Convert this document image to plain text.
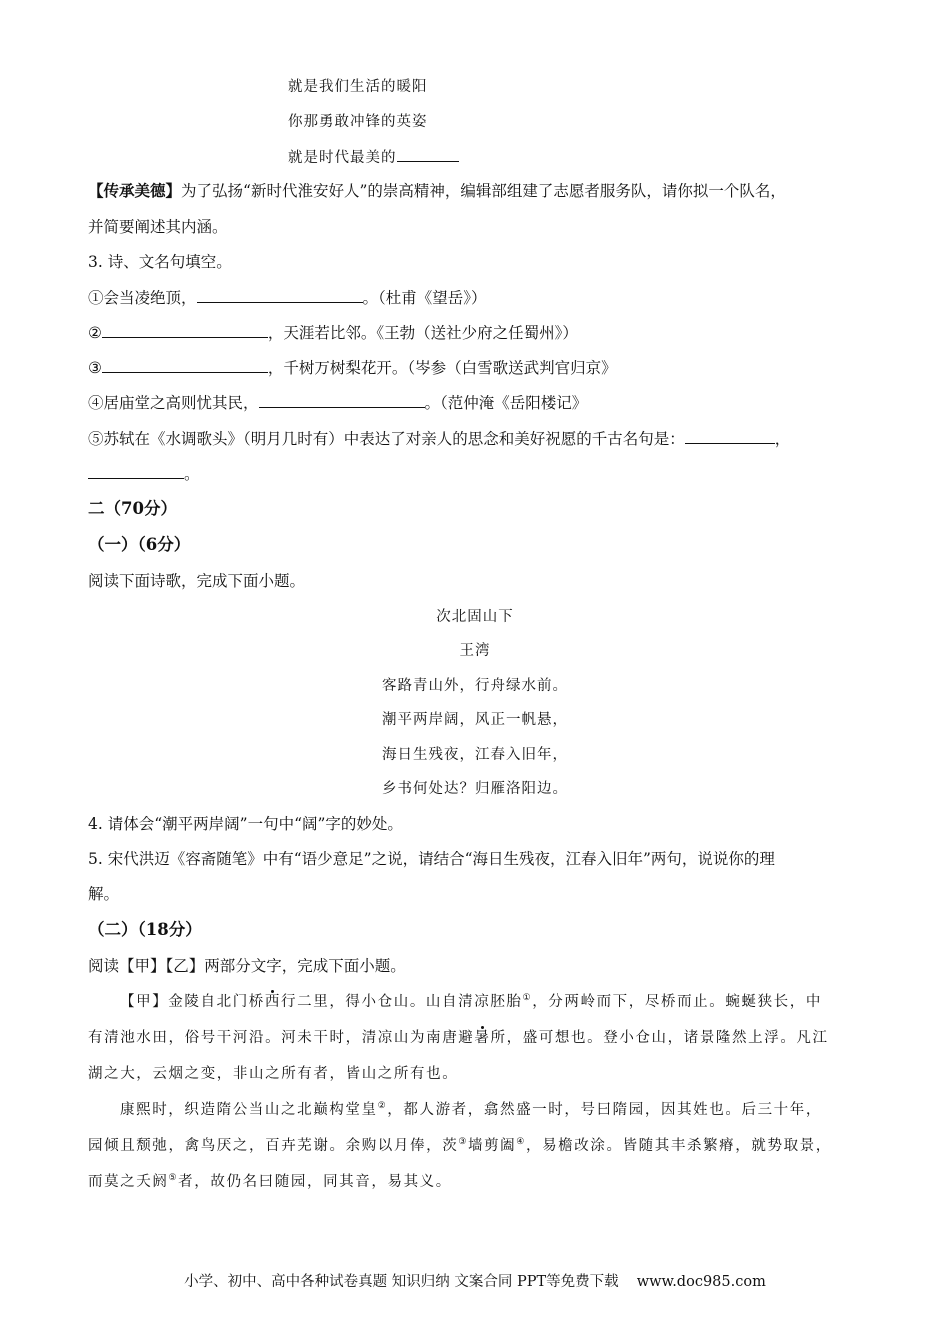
就是我们生活的暖阳
你那勇敢冲锋的英姿
就是时代最美的
【传承美德】为了弘扬“新时代淮安好人”的崇高精神，编辑部组建了志愿者服务队，请你拟一个队名，
并简要阐述其内涵。
3. 诗、文名句填空。
①会当凌绝顶，	。（杜甫《望岳》）
②	，天涯若比邻。《王勃（送社少府之任蜀州》）
③	，千树万树梨花开。（岑参（白雪歌送武判官归京》
④居庙堂之高则忧其民，	。（范仲淹《岳阳楼记》
⑤苏轼在《水调歌头》（明月几时有）中表达了对亲人的思念和美好祝愿的千古名句是：	，
。
二（70分）
（一）（6分）
阅读下面诗歌，完成下面小题。
次北固山下
王湾
客路青山外，行舟绿水前。
潮平两岸阔，风正一帆悬，
海日生残夜，江春入旧年，
乡书何处达？归雁洛阳边。
4. 请体会“潮平两岸阔”一句中“阔”字的妙处。
5. 宋代洪迈《容斋随笔》中有“语少意足”之说，请结合“海日生残夜，江春入旧年”两句，说说你的理
解。
（二）（18分）
阅读【甲】【乙】两部分文字，完成下面小题。
【甲】金陵自北门桥西行二里，得小仓山。山自清凉胚胎①，分两岭而下，尽桥而止。蜿蜒狭长，中
有清池水田，俗号干河沿。河未干时，清凉山为南唐避暑所，盛可想也。登小仓山，诸景隆然上浮。凡江
湖之大，云烟之变，非山之所有者，皆山之所有也。
康熙时，织造隋公当山之北巅构堂皇②，都人游者，翕然盛一时，号曰隋园，因其姓也。后三十年，
园倾且颓弛，禽鸟厌之，百卉芜谢。余购以月俸，茨③墙剪阖④，易檐改涂。皆随其丰杀繁瘠，就势取景，
而莫之夭阏⑤者，故仍名曰随园，同其音，易其义。
小学、初中、高中各种试卷真题 知识归纳 文案合同 PPT等免费下载 www.doc985.com
